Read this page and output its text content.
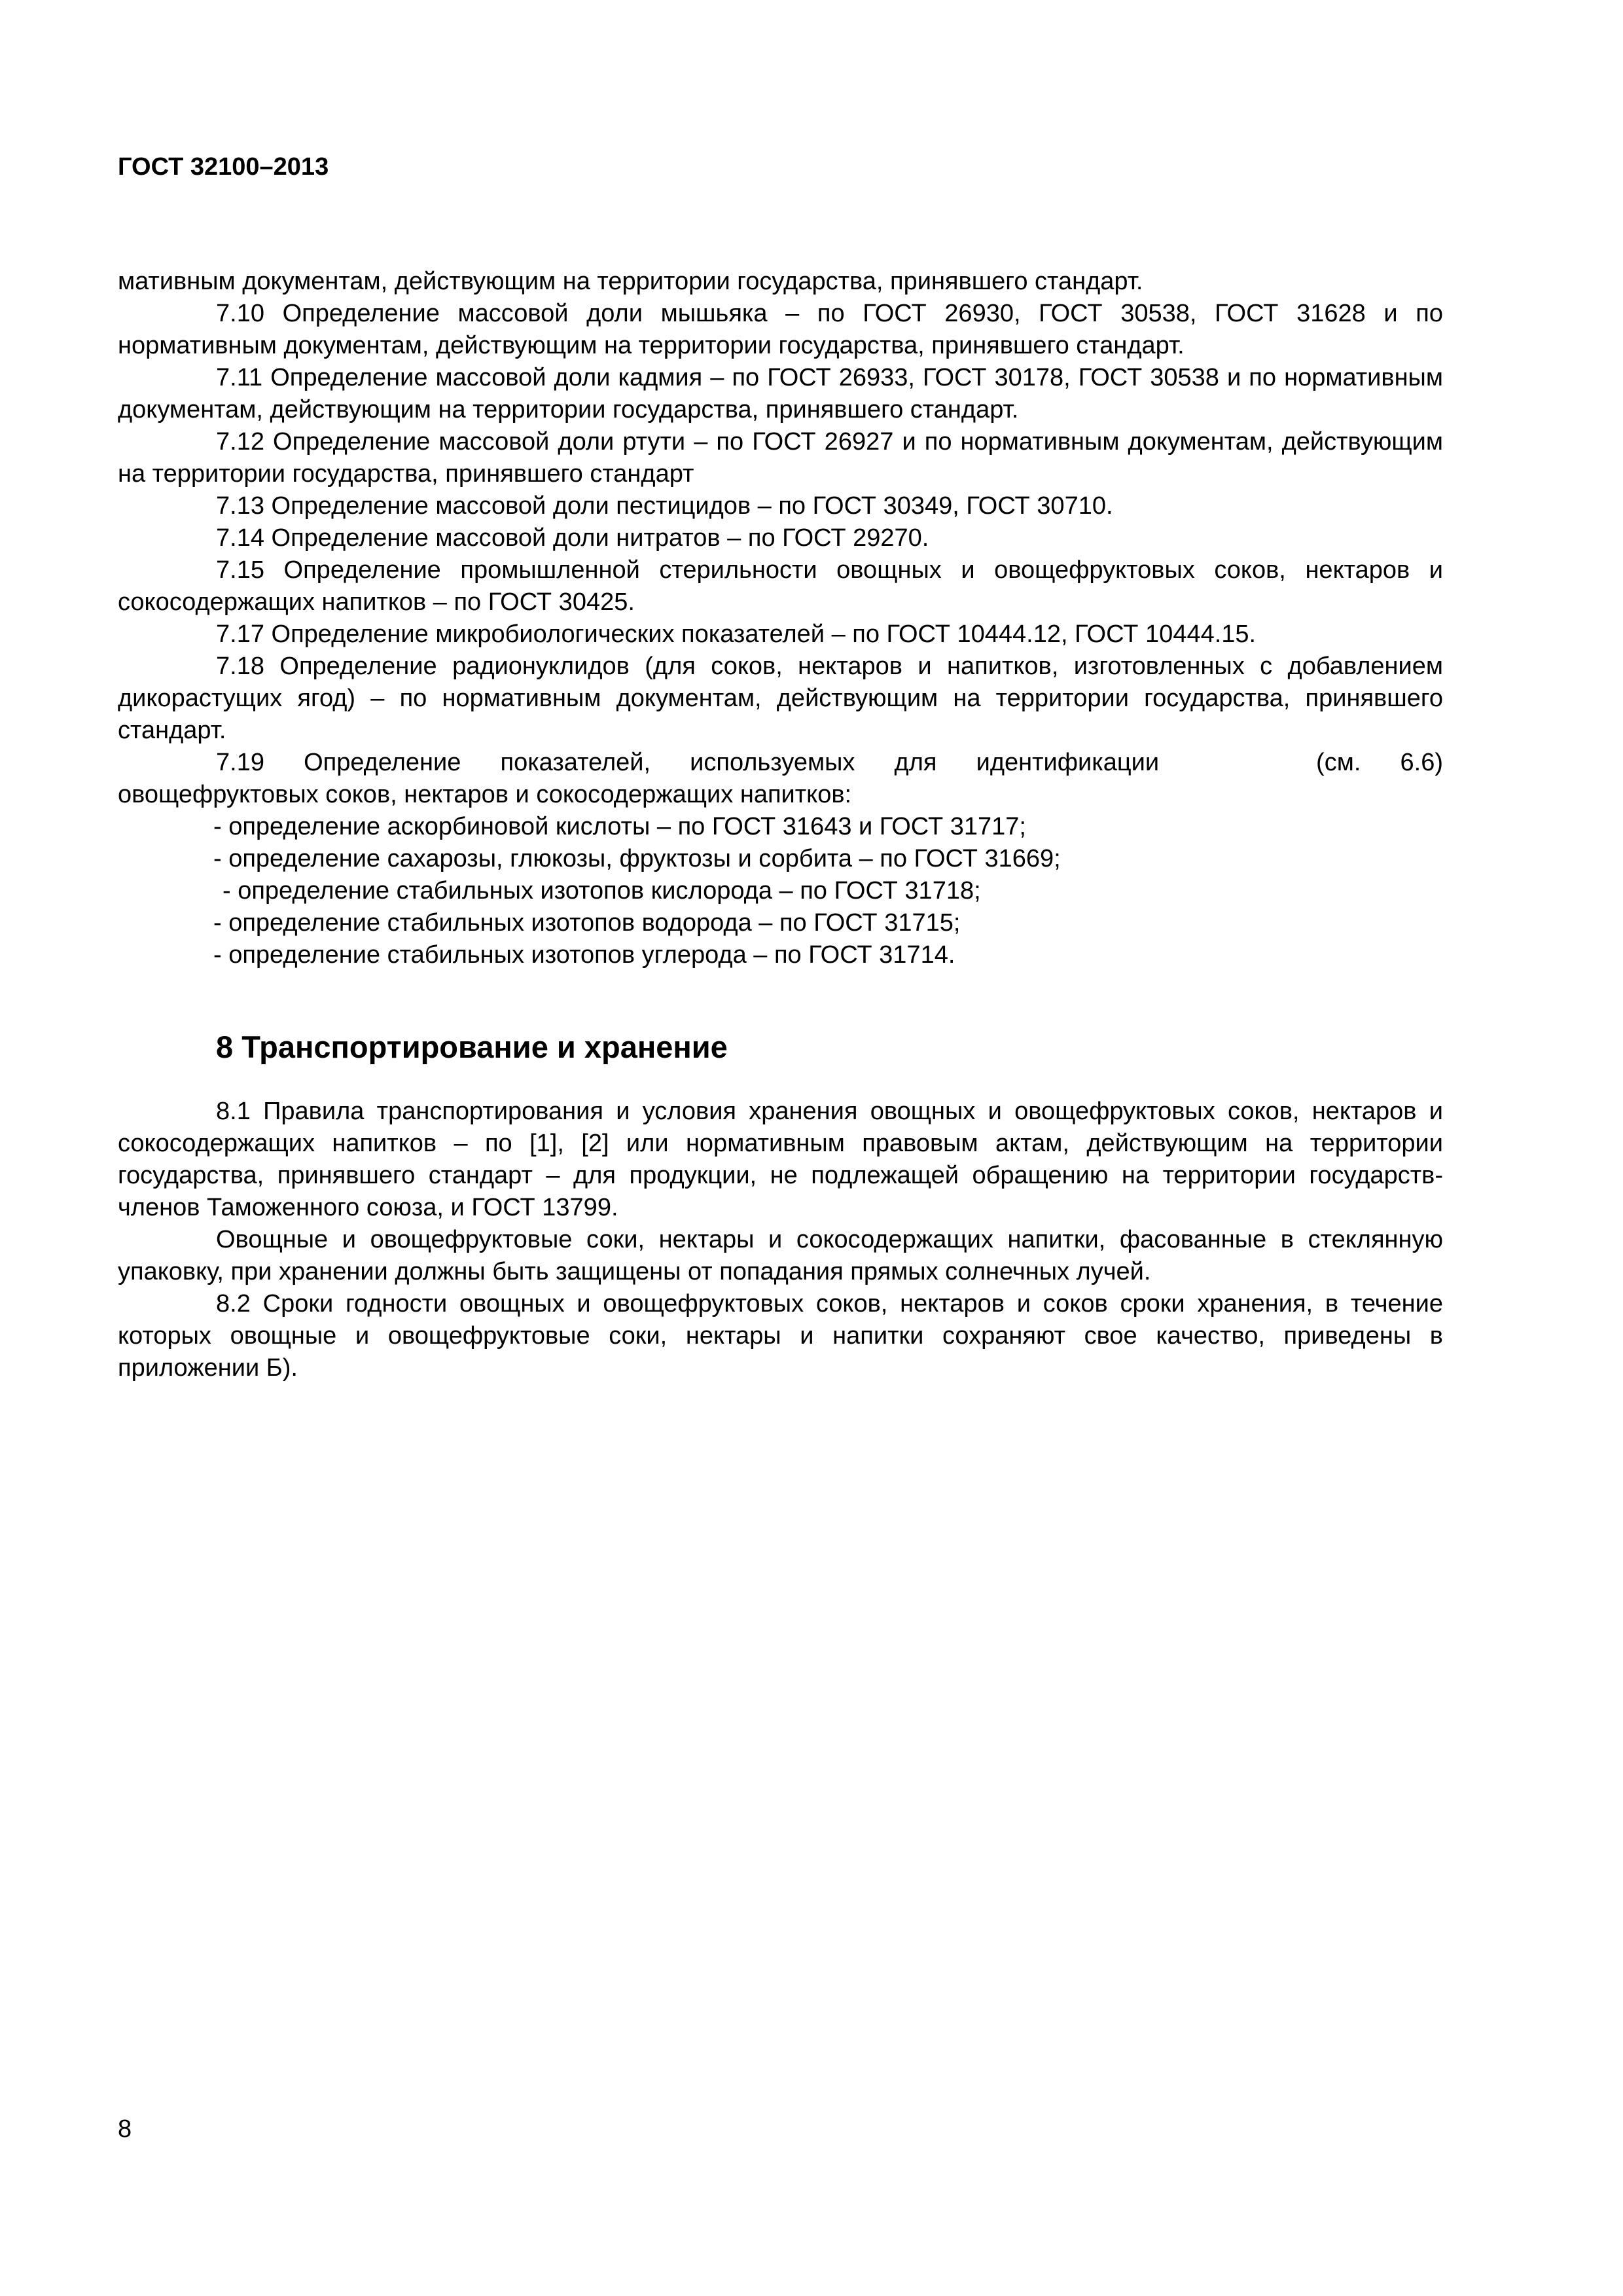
ГОСТ 32100–2013

мативным документам, действующим на территории государства, принявшего стандарт.

7.10 Определение массовой доли мышьяка – по ГОСТ 26930, ГОСТ 30538, ГОСТ 31628 и по нормативным документам, действующим на территории государства, принявшего стандарт.

7.11 Определение массовой доли кадмия – по ГОСТ 26933, ГОСТ 30178, ГОСТ 30538 и по нормативным документам, действующим на территории государства, принявшего стандарт.

7.12 Определение массовой доли ртути – по ГОСТ 26927 и по нормативным документам, действующим на территории государства, принявшего стандарт

7.13 Определение массовой доли пестицидов – по ГОСТ 30349, ГОСТ 30710.

7.14 Определение массовой доли нитратов – по ГОСТ 29270.

7.15 Определение промышленной стерильности овощных и овощефруктовых соков, нектаров и сокосодержащих напитков – по ГОСТ 30425.

7.17 Определение микробиологических показателей – по ГОСТ 10444.12, ГОСТ 10444.15.

7.18 Определение радионуклидов (для соков, нектаров и напитков, изготовленных с добавлением дикорастущих ягод) – по нормативным документам, действующим на территории государства, принявшего стандарт.

7.19 Определение показателей, используемых для идентификации	(см. 6.6) овощефруктовых соков, нектаров и сокосодержащих напитков:

- определение аскорбиновой кислоты – по ГОСТ 31643 и ГОСТ 31717;

- определение сахарозы, глюкозы, фруктозы и сорбита – по ГОСТ 31669;

- определение стабильных изотопов кислорода – по ГОСТ 31718;

- определение стабильных изотопов водорода – по ГОСТ 31715;

- определение стабильных изотопов углерода – по ГОСТ 31714.

8 Транспортирование и хранение

8.1 Правила транспортирования и условия хранения овощных и овощефруктовых соков, нектаров и сокосодержащих напитков – по [1], [2] или нормативным правовым актам, действующим на территории государства, принявшего стандарт – для продукции, не подлежащей обращению на территории государств-членов Таможенного союза, и ГОСТ 13799.

Овощные и овощефруктовые соки, нектары и сокосодержащих напитки, фасованные в стеклянную упаковку, при хранении должны быть защищены от попадания прямых солнечных лучей.

8.2 Сроки годности овощных и овощефруктовых соков, нектаров и соков сроки хранения, в течение которых овощные и овощефруктовые соки, нектары и напитки сохраняют свое качество, приведены в приложении Б).

8
